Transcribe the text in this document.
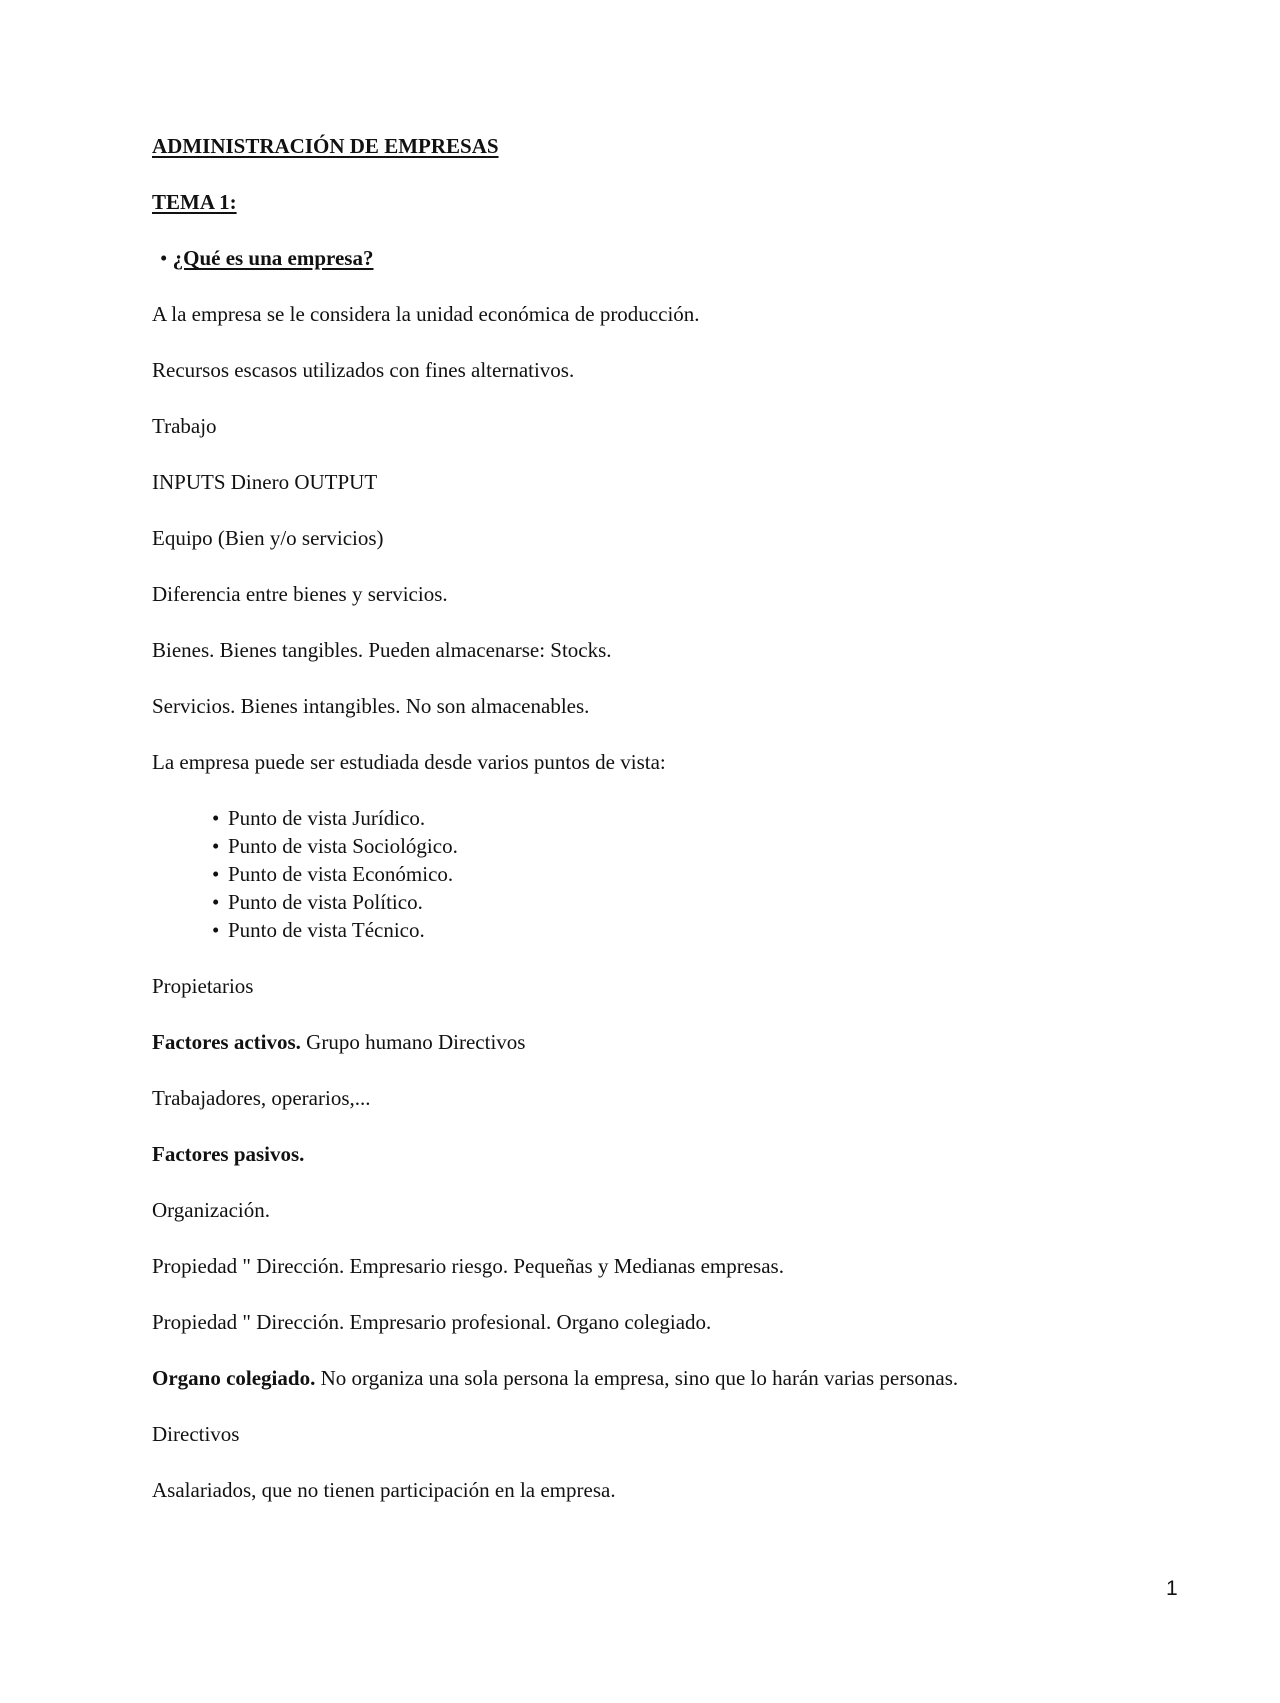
ADMINISTRACIÓN DE EMPRESAS

TEMA 1:

• ¿Qué es una empresa?

A la empresa se le considera la unidad económica de producción.

Recursos escasos utilizados con fines alternativos.

Trabajo

INPUTS Dinero OUTPUT

Equipo (Bien y/o servicios)

Diferencia entre bienes y servicios.

Bienes. Bienes tangibles. Pueden almacenarse: Stocks.

Servicios. Bienes intangibles. No son almacenables.

La empresa puede ser estudiada desde varios puntos de vista:

• Punto de vista Jurídico.

• Punto de vista Sociológico.

• Punto de vista Económico.

• Punto de vista Político.

• Punto de vista Técnico.

Propietarios

Factores activos. Grupo humano Directivos

Trabajadores, operarios,...

Factores pasivos.

Organización.

Propiedad " Dirección. Empresario riesgo. Pequeñas y Medianas empresas.

Propiedad " Dirección. Empresario profesional. Organo colegiado.

Organo colegiado. No organiza una sola persona la empresa, sino que lo harán varias personas.

Directivos

Asalariados, que no tienen participación en la empresa.

1
